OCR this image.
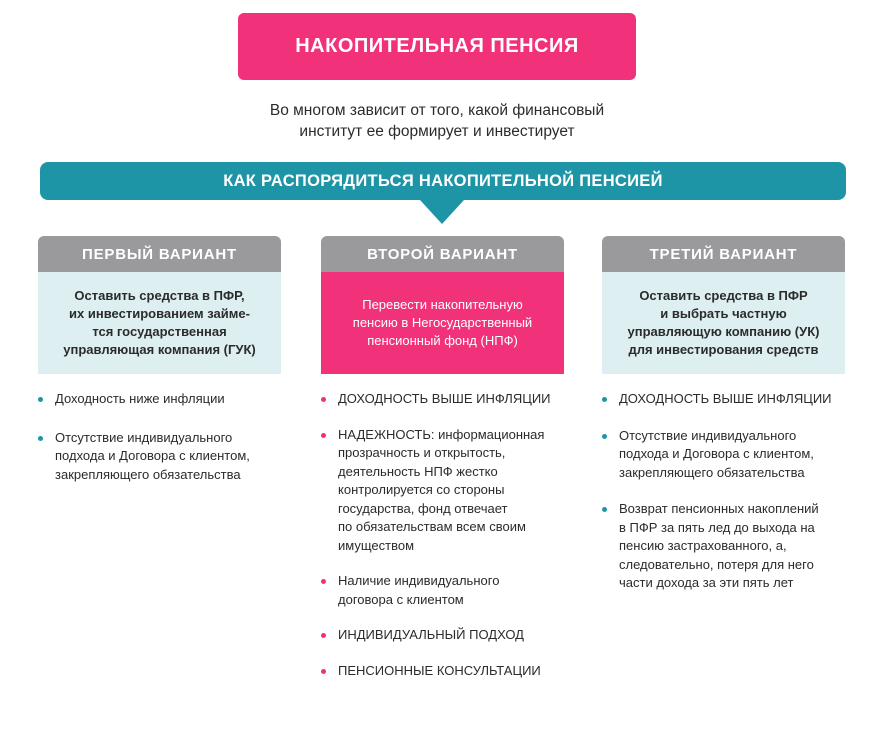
НАКОПИТЕЛЬНАЯ ПЕНСИЯ
Во многом зависит от того, какой финансовый
институт ее формирует и инвестирует
КАК РАСПОРЯДИТЬСЯ НАКОПИТЕЛЬНОЙ ПЕНСИЕЙ
ПЕРВЫЙ ВАРИАНТ
Оставить средства в ПФР,
их инвестированием займе-
тся государственная
управляющая компания (ГУК)
Доходность ниже инфляции
Отсутствие индивидуального
подхода и Договора с клиентом,
закрепляющего обязательства
ВТОРОЙ ВАРИАНТ
Перевести накопительную
пенсию в Негосударственный
пенсионный фонд (НПФ)
ДОХОДНОСТЬ ВЫШЕ ИНФЛЯЦИИ
НАДЕЖНОСТЬ: информационная
прозрачность и открытость,
деятельность НПФ жестко
контролируется со стороны
государства, фонд отвечает
по обязательствам всем своим
имуществом
Наличие индивидуального
договора с клиентом
ИНДИВИДУАЛЬНЫЙ ПОДХОД
ПЕНСИОННЫЕ КОНСУЛЬТАЦИИ
ТРЕТИЙ ВАРИАНТ
Оставить средства в ПФР
и выбрать частную
управляющую компанию (УК)
для инвестирования средств
ДОХОДНОСТЬ ВЫШЕ ИНФЛЯЦИИ
Отсутствие индивидуального
подхода и Договора с клиентом,
закрепляющего обязательства
Возврат пенсионных накоплений
в ПФР за пять лед до выхода на
пенсию застрахованного, а,
следовательно, потеря для него
части дохода за эти пять лет
